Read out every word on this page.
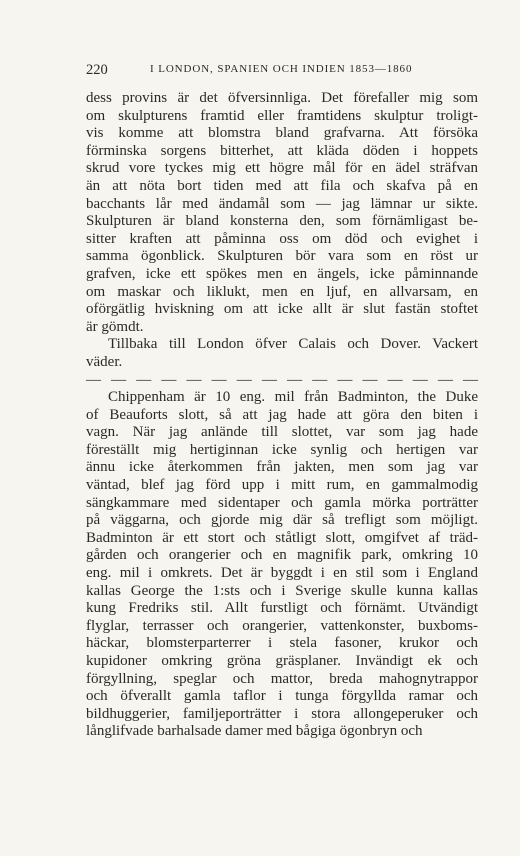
220	I LONDON, SPANIEN OCH INDIEN 1853—1860
dess provins är det öfversinnliga. Det förefaller mig som
om skulpturens framtid eller framtidens skulptur troligt-
vis komme att blomstra bland grafvarna. Att försöka
förminska sorgens bitterhet, att kläda döden i hoppets
skrud vore tyckes mig ett högre mål för en ädel sträfvan
än att nöta bort tiden med att fila och skafva på en
bacchants lår med ändamål som — jag lämnar ur sikte.
Skulpturen är bland konsterna den, som förnämligast be-
sitter kraften att påminna oss om död och evighet i
samma ögonblick. Skulpturen bör vara som en röst ur
grafven, icke ett spökes men en ängels, icke påminnande
om maskar och liklukt, men en ljuf, en allvarsam, en
oförgätlig hviskning om att icke allt är slut fastän stoftet
är gömdt.
Tillbaka till London öfver Calais och Dover. Vackert
väder.
— — — — — — — — — — — — — — — —
Chippenham är 10 eng. mil från Badminton, the Duke
of Beauforts slott, så att jag hade att göra den biten i
vagn. När jag anlände till slottet, var som jag hade
föreställt mig hertiginnan icke synlig och hertigen var
ännu icke återkommen från jakten, men som jag var
väntad, blef jag förd upp i mitt rum, en gammalmodig
sängkammare med sidentaper och gamla mörka porträtter
på väggarna, och gjorde mig där så trefligt som möjligt.
Badminton är ett stort och ståtligt slott, omgifvet af träd-
gården och orangerier och en magnifik park, omkring 10
eng. mil i omkrets. Det är byggdt i en stil som i England
kallas George the 1:sts och i Sverige skulle kunna kallas
kung Fredriks stil. Allt furstligt och förnämt. Utvändigt
flyglar, terrasser och orangerier, vattenkonster, buxboms-
häckar, blomsterparterrer i stela fasoner, krukor och
kupidoner omkring gröna gräsplaner. Invändigt ek och
förgyllning, speglar och mattor, breda mahognytrappor
och öfverallt gamla taflor i tunga förgyllda ramar och
bildhuggerier, familjeporträtter i stora allongeperuker och
långlifvade barhalsade damer med bågiga ögonbryn och
